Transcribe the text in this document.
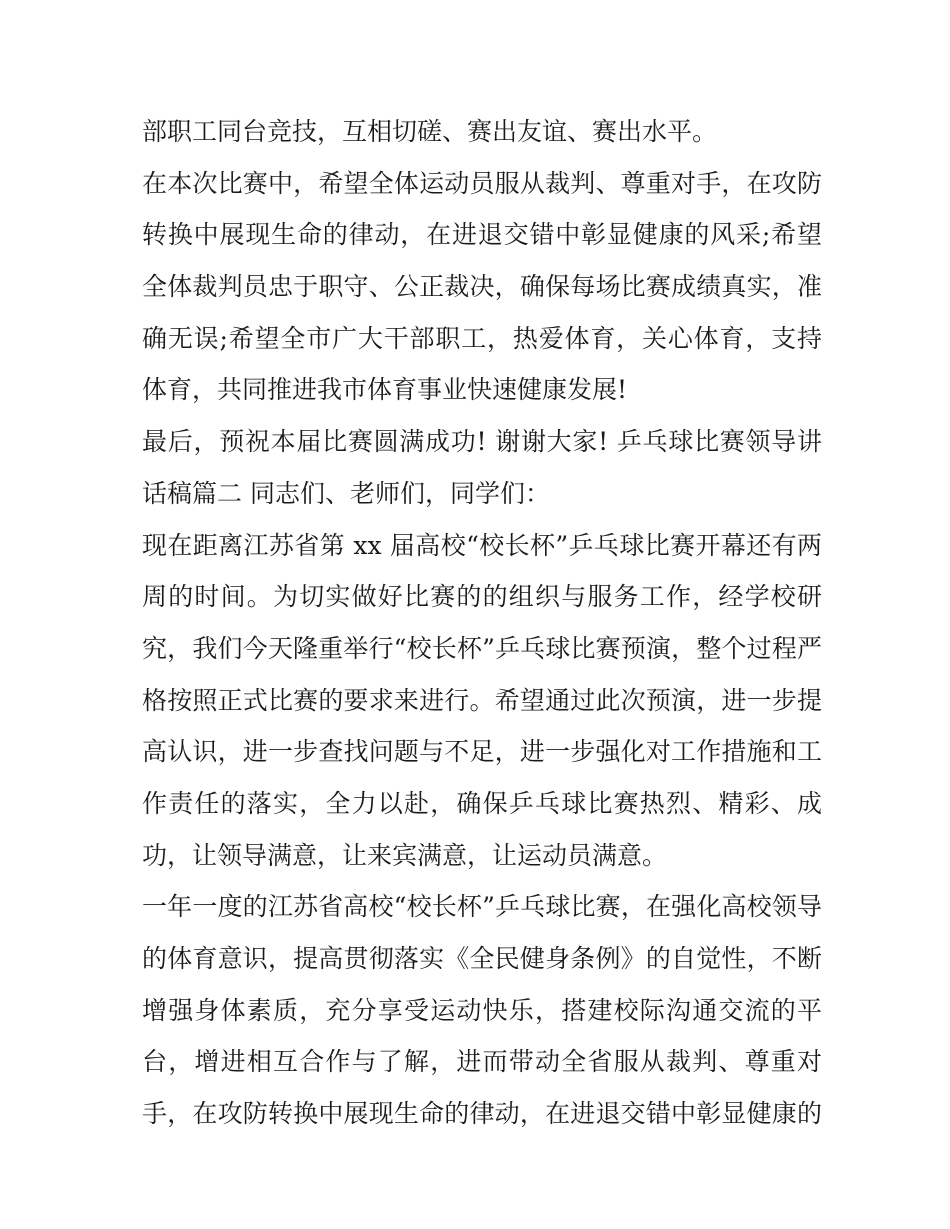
部职工同台竞技，互相切磋、赛出友谊、赛出水平。
在本次比赛中，希望全体运动员服从裁判、尊重对手，在攻防
转换中展现生命的律动，在进退交错中彰显健康的风采;希望
全体裁判员忠于职守、公正裁决，确保每场比赛成绩真实，准
确无误;希望全市广大干部职工，热爱体育，关心体育，支持
体育，共同推进我市体育事业快速健康发展!
最后，预祝本届比赛圆满成功! 谢谢大家! 乒乓球比赛领导讲
话稿篇二 同志们、老师们，同学们：
现在距离江苏省第 xx 届高校“校长杯”乒乓球比赛开幕还有两
周的时间。为切实做好比赛的的组织与服务工作，经学校研
究，我们今天隆重举行“校长杯”乒乓球比赛预演，整个过程严
格按照正式比赛的要求来进行。希望通过此次预演，进一步提
高认识，进一步查找问题与不足，进一步强化对工作措施和工
作责任的落实，全力以赴，确保乒乓球比赛热烈、精彩、成
功，让领导满意，让来宾满意，让运动员满意。
一年一度的江苏省高校“校长杯”乒乓球比赛，在强化高校领导
的体育意识，提高贯彻落实《全民健身条例》的自觉性，不断
增强身体素质，充分享受运动快乐，搭建校际沟通交流的平
台，增进相互合作与了解，进而带动全省服从裁判、尊重对
手，在攻防转换中展现生命的律动，在进退交错中彰显健康的
